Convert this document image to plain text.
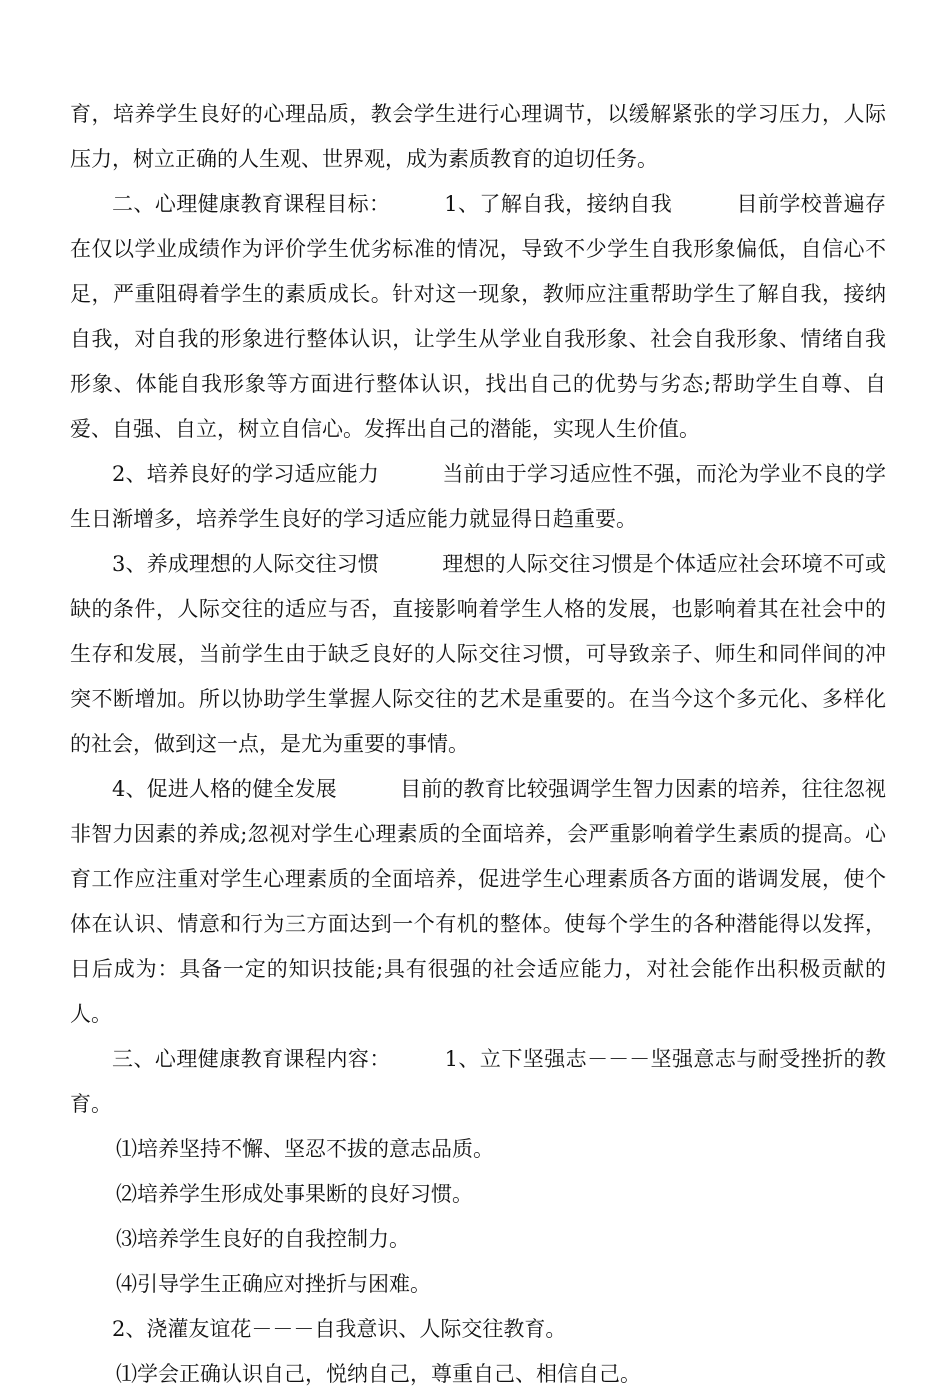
育，培养学生良好的心理品质，教会学生进行心理调节，以缓解紧张的学习压力，人际压力，树立正确的人生观、世界观，成为素质教育的迫切任务。

二、心理健康教育课程目标：　　　1、了解自我，接纳自我　　　目前学校普遍存在仅以学业成绩作为评价学生优劣标准的情况，导致不少学生自我形象偏低，自信心不足，严重阻碍着学生的素质成长。针对这一现象，教师应注重帮助学生了解自我，接纳自我，对自我的形象进行整体认识，让学生从学业自我形象、社会自我形象、情绪自我形象、体能自我形象等方面进行整体认识，找出自己的优势与劣态;帮助学生自尊、自爱、自强、自立，树立自信心。发挥出自己的潜能，实现人生价值。

2、培养良好的学习适应能力　　　当前由于学习适应性不强，而沦为学业不良的学生日渐增多，培养学生良好的学习适应能力就显得日趋重要。

3、养成理想的人际交往习惯　　　理想的人际交往习惯是个体适应社会环境不可或缺的条件，人际交往的适应与否，直接影响着学生人格的发展，也影响着其在社会中的生存和发展，当前学生由于缺乏良好的人际交往习惯，可导致亲子、师生和同伴间的冲突不断增加。所以协助学生掌握人际交往的艺术是重要的。在当今这个多元化、多样化的社会，做到这一点，是尤为重要的事情。

4、促进人格的健全发展　　　目前的教育比较强调学生智力因素的培养，往往忽视非智力因素的养成;忽视对学生心理素质的全面培养，会严重影响着学生素质的提高。心育工作应注重对学生心理素质的全面培养，促进学生心理素质各方面的谐调发展，使个体在认识、情意和行为三方面达到一个有机的整体。使每个学生的各种潜能得以发挥，日后成为：具备一定的知识技能;具有很强的社会适应能力，对社会能作出积极贡献的人。

三、心理健康教育课程内容：　　　1、立下坚强志－－－坚强意志与耐受挫折的教育。

⑴培养坚持不懈、坚忍不拔的意志品质。

⑵培养学生形成处事果断的良好习惯。

⑶培养学生良好的自我控制力。

⑷引导学生正确应对挫折与困难。

2、浇灌友谊花－－－自我意识、人际交往教育。

⑴学会正确认识自己，悦纳自己，尊重自己、相信自己。
